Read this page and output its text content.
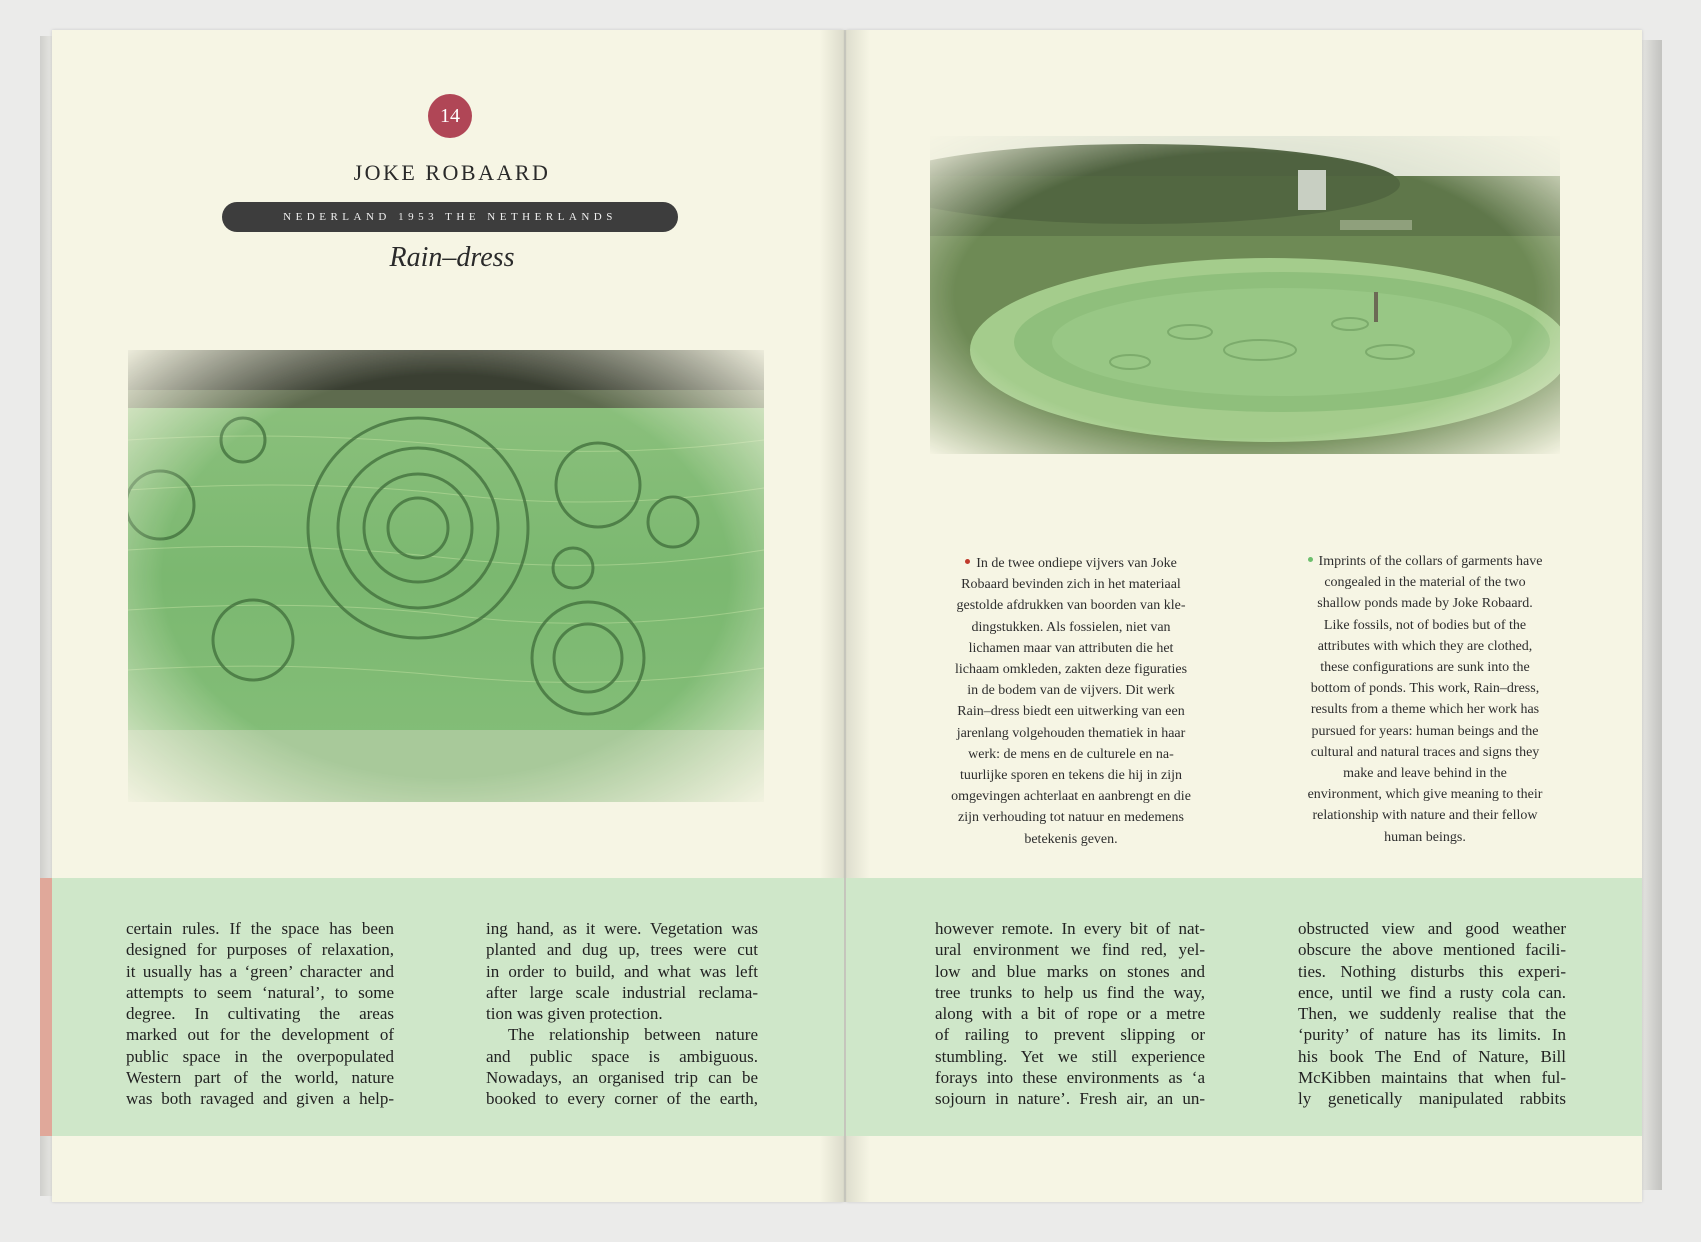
14
JOKE ROBAARD
NEDERLAND 1953 THE NETHERLANDS
Rain–dress
In de twee ondiepe vijvers van Joke
Robaard bevinden zich in het materiaal
gestolde afdrukken van boorden van kle-
dingstukken. Als fossielen, niet van
lichamen maar van attributen die het
lichaam omkleden, zakten deze figuraties
in de bodem van de vijvers. Dit werk
Rain–dress biedt een uitwerking van een
jarenlang volgehouden thematiek in haar
werk: de mens en de culturele en na-
tuurlijke sporen en tekens die hij in zijn
omgevingen achterlaat en aanbrengt en die
zijn verhouding tot natuur en medemens
betekenis geven.
Imprints of the collars of garments have
congealed in the material of the two
shallow ponds made by Joke Robaard.
Like fossils, not of bodies but of the
attributes with which they are clothed,
these configurations are sunk into the
bottom of ponds. This work, Rain–dress,
results from a theme which her work has
pursued for years: human beings and the
cultural and natural traces and signs they
make and leave behind in the
environment, which give meaning to their
relationship with nature and their fellow
human beings.
certain rules. If the space has been
designed for purposes of relaxation,
it usually has a ‘green’ character and
attempts to seem ‘natural’, to some
degree. In cultivating the areas
marked out for the development of
public space in the overpopulated
Western part of the world, nature
was both ravaged and given a help-
ing hand, as it were. Vegetation was
planted and dug up, trees were cut
in order to build, and what was left
after large scale industrial reclama-
tion was given protection.
The relationship between nature
and public space is ambiguous.
Nowadays, an organised trip can be
booked to every corner of the earth,
however remote. In every bit of nat-
ural environment we find red, yel-
low and blue marks on stones and
tree trunks to help us find the way,
along with a bit of rope or a metre
of railing to prevent slipping or
stumbling. Yet we still experience
forays into these environments as ‘a
sojourn in nature’. Fresh air, an un-
obstructed view and good weather
obscure the above mentioned facili-
ties. Nothing disturbs this experi-
ence, until we find a rusty cola can.
Then, we suddenly realise that the
‘purity’ of nature has its limits. In
his book The End of Nature, Bill
McKibben maintains that when ful-
ly genetically manipulated rabbits
